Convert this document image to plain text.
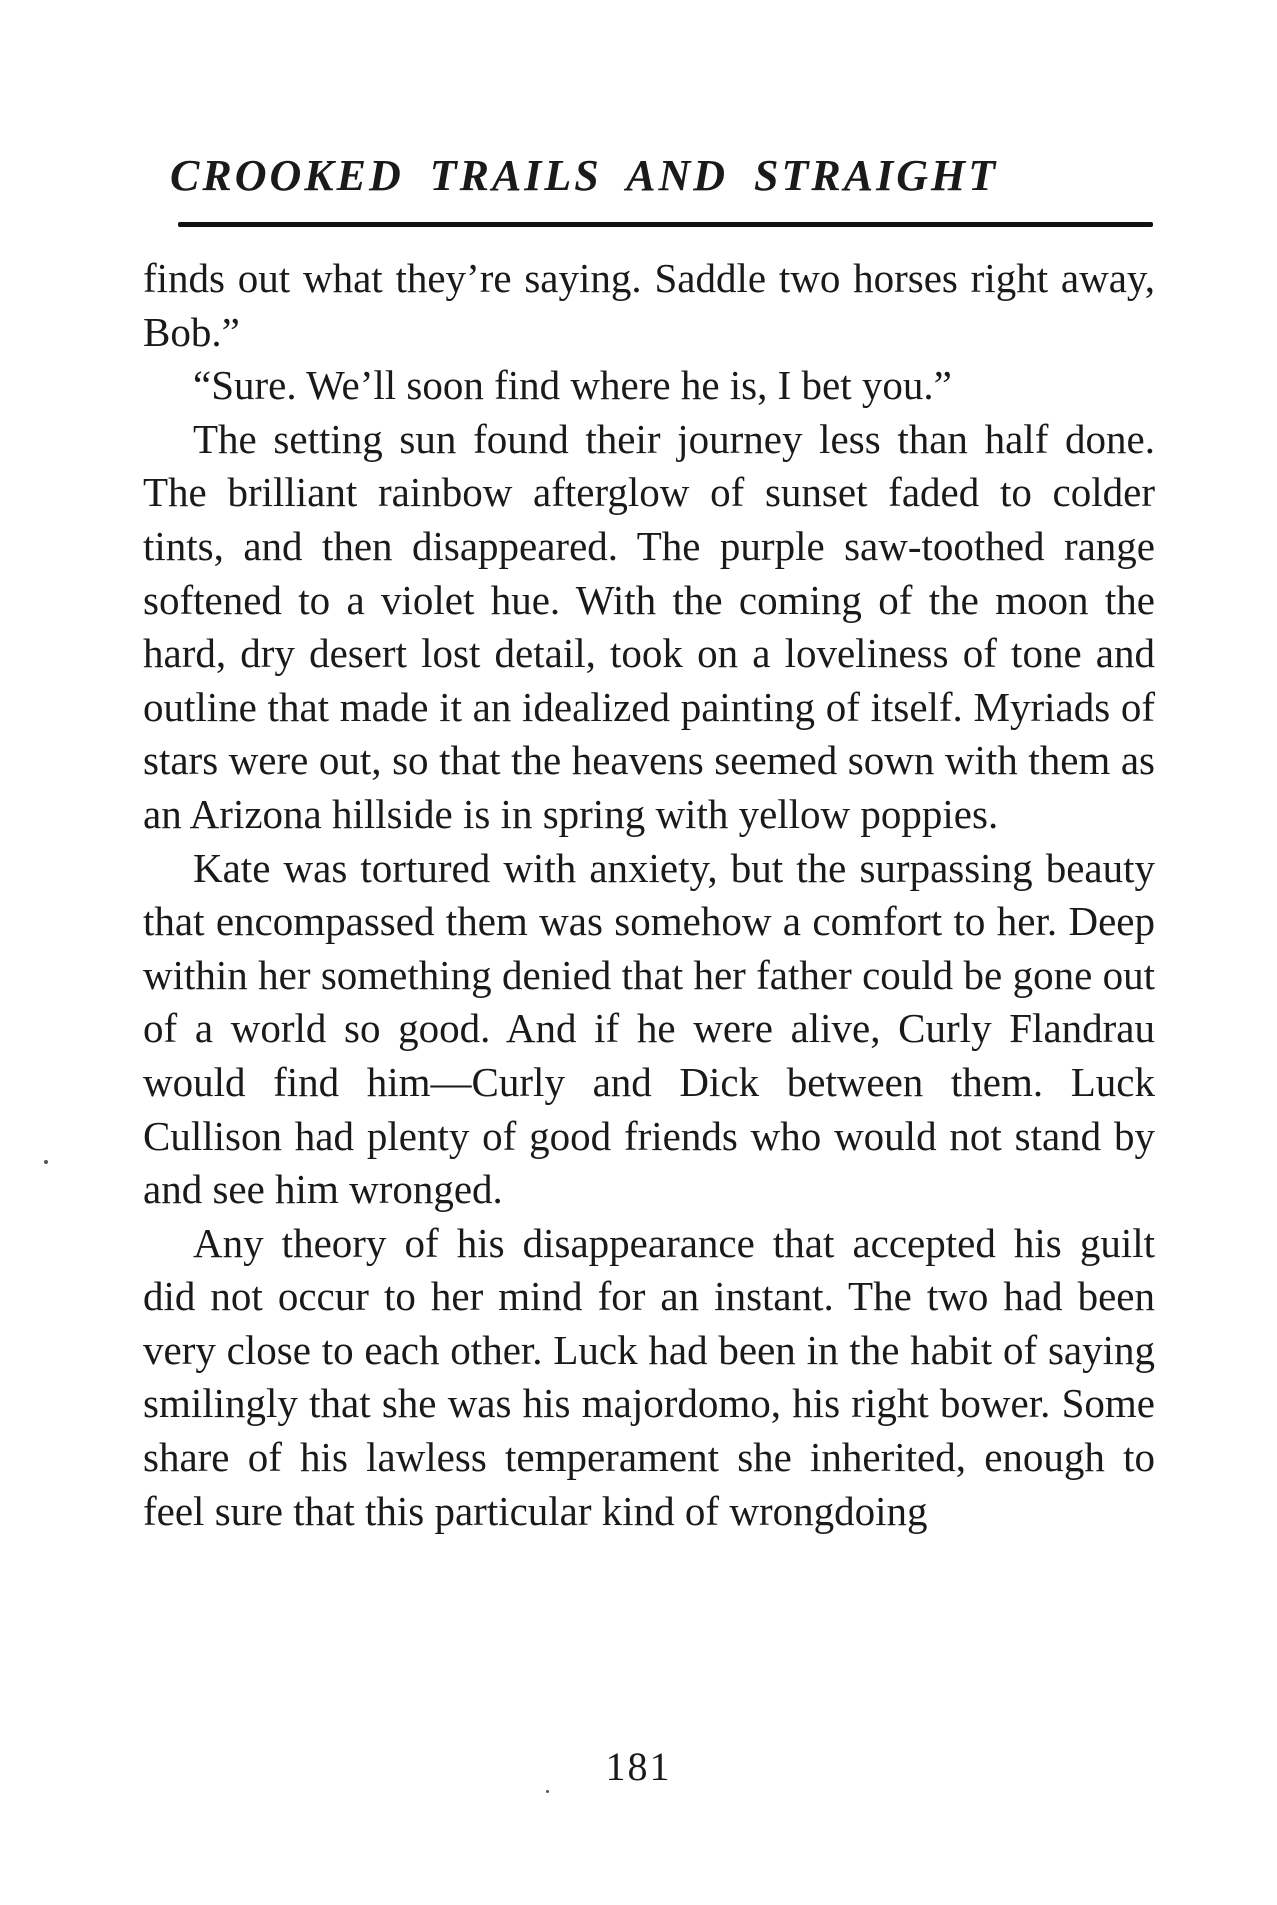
CROOKED TRAILS AND STRAIGHT

finds out what they’re saying. Saddle two horses right away, Bob.”

“Sure. We’ll soon find where he is, I bet you.”

The setting sun found their journey less than half done. The brilliant rainbow afterglow of sunset faded to colder tints, and then disappeared. The purple saw-toothed range softened to a violet hue. With the coming of the moon the hard, dry desert lost detail, took on a loveliness of tone and outline that made it an idealized painting of itself. Myriads of stars were out, so that the heavens seemed sown with them as an Arizona hillside is in spring with yellow poppies.

Kate was tortured with anxiety, but the surpassing beauty that encompassed them was somehow a comfort to her. Deep within her something denied that her father could be gone out of a world so good. And if he were alive, Curly Flandrau would find him—Curly and Dick between them. Luck Cullison had plenty of good friends who would not stand by and see him wronged.

Any theory of his disappearance that accepted his guilt did not occur to her mind for an instant. The two had been very close to each other. Luck had been in the habit of saying smilingly that she was his majordomo, his right bower. Some share of his lawless temperament she inherited, enough to feel sure that this particular kind of wrongdoing

181
